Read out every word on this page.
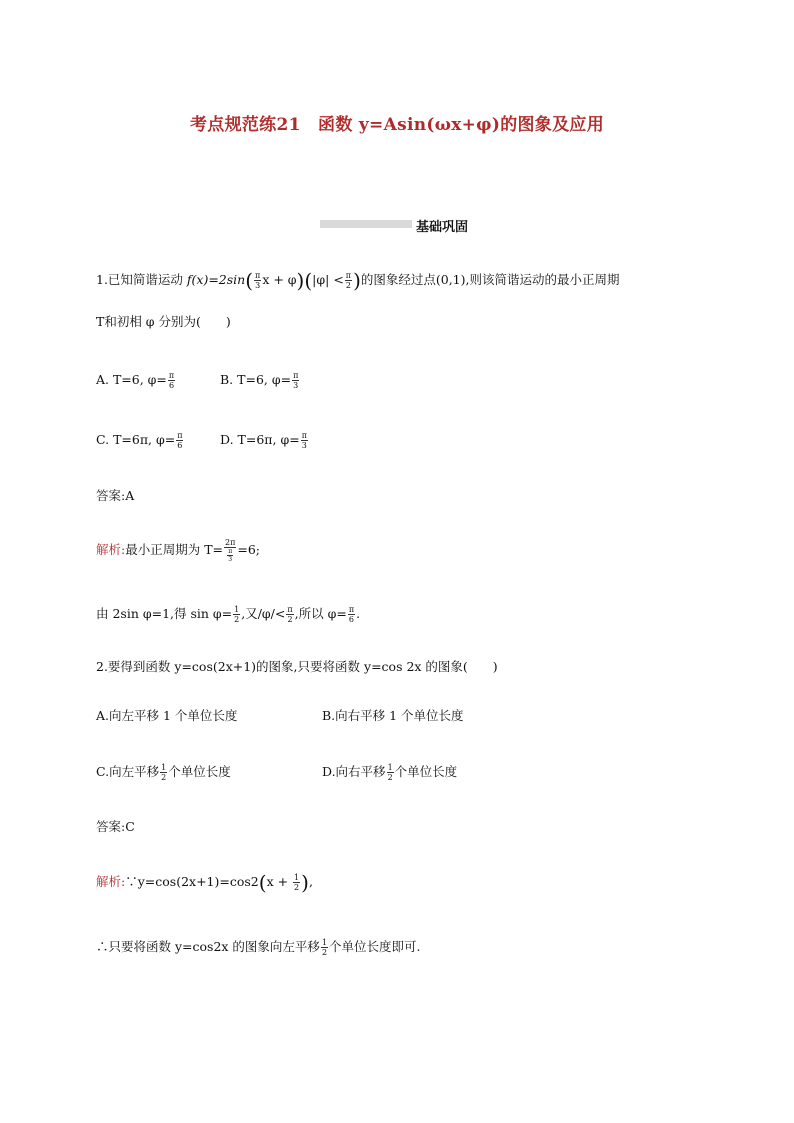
考点规范练21　函数 y=Asin(ωx+φ)的图象及应用
基础巩固
1.已知简谐运动 $f(x)=2\sin( \frac{\pi}{3}$ $x + \varphi)(|\varphi| < \frac{\pi}{2}$ )的图象经过点(0,1),则该简谐运动的最小正周期
T和初相 φ 分别为(　　)
A. T=6, $\varphi= \frac{\pi}{6}$	B. T=6, $\varphi= \frac{\pi}{3}$
C. T=6π, $\varphi= \frac{\pi}{6}$	D. T=6π, $\varphi= \frac{\pi}{3}$
答案:A
解析:最小正周期为 $T= \frac{2\pi}{\frac{\pi}{3}} =6$;
由 2sin φ=1,得 $\sin \varphi= \frac{1}{2}$ ,又$/\varphi/< \frac{\pi}{2}$ ,所以 $\varphi= \frac{\pi}{6}$ .
2.要得到函数 y=cos(2x+1)的图象,只要将函数 y=cos 2x 的图象(　　)
A.向左平移 1 个单位长度	B.向右平移 1 个单位长度
C.向左平移 $\frac{1}{2}$ 个单位长度	D.向右平移 $\frac{1}{2}$ 个单位长度
答案:C
解析:∵y=cos(2x+1)=cos2(x + $\frac{1}{2}$ ),
∴只要将函数 y=cos2x 的图象向左平移 $\frac{1}{2}$ 个单位长度即可.
